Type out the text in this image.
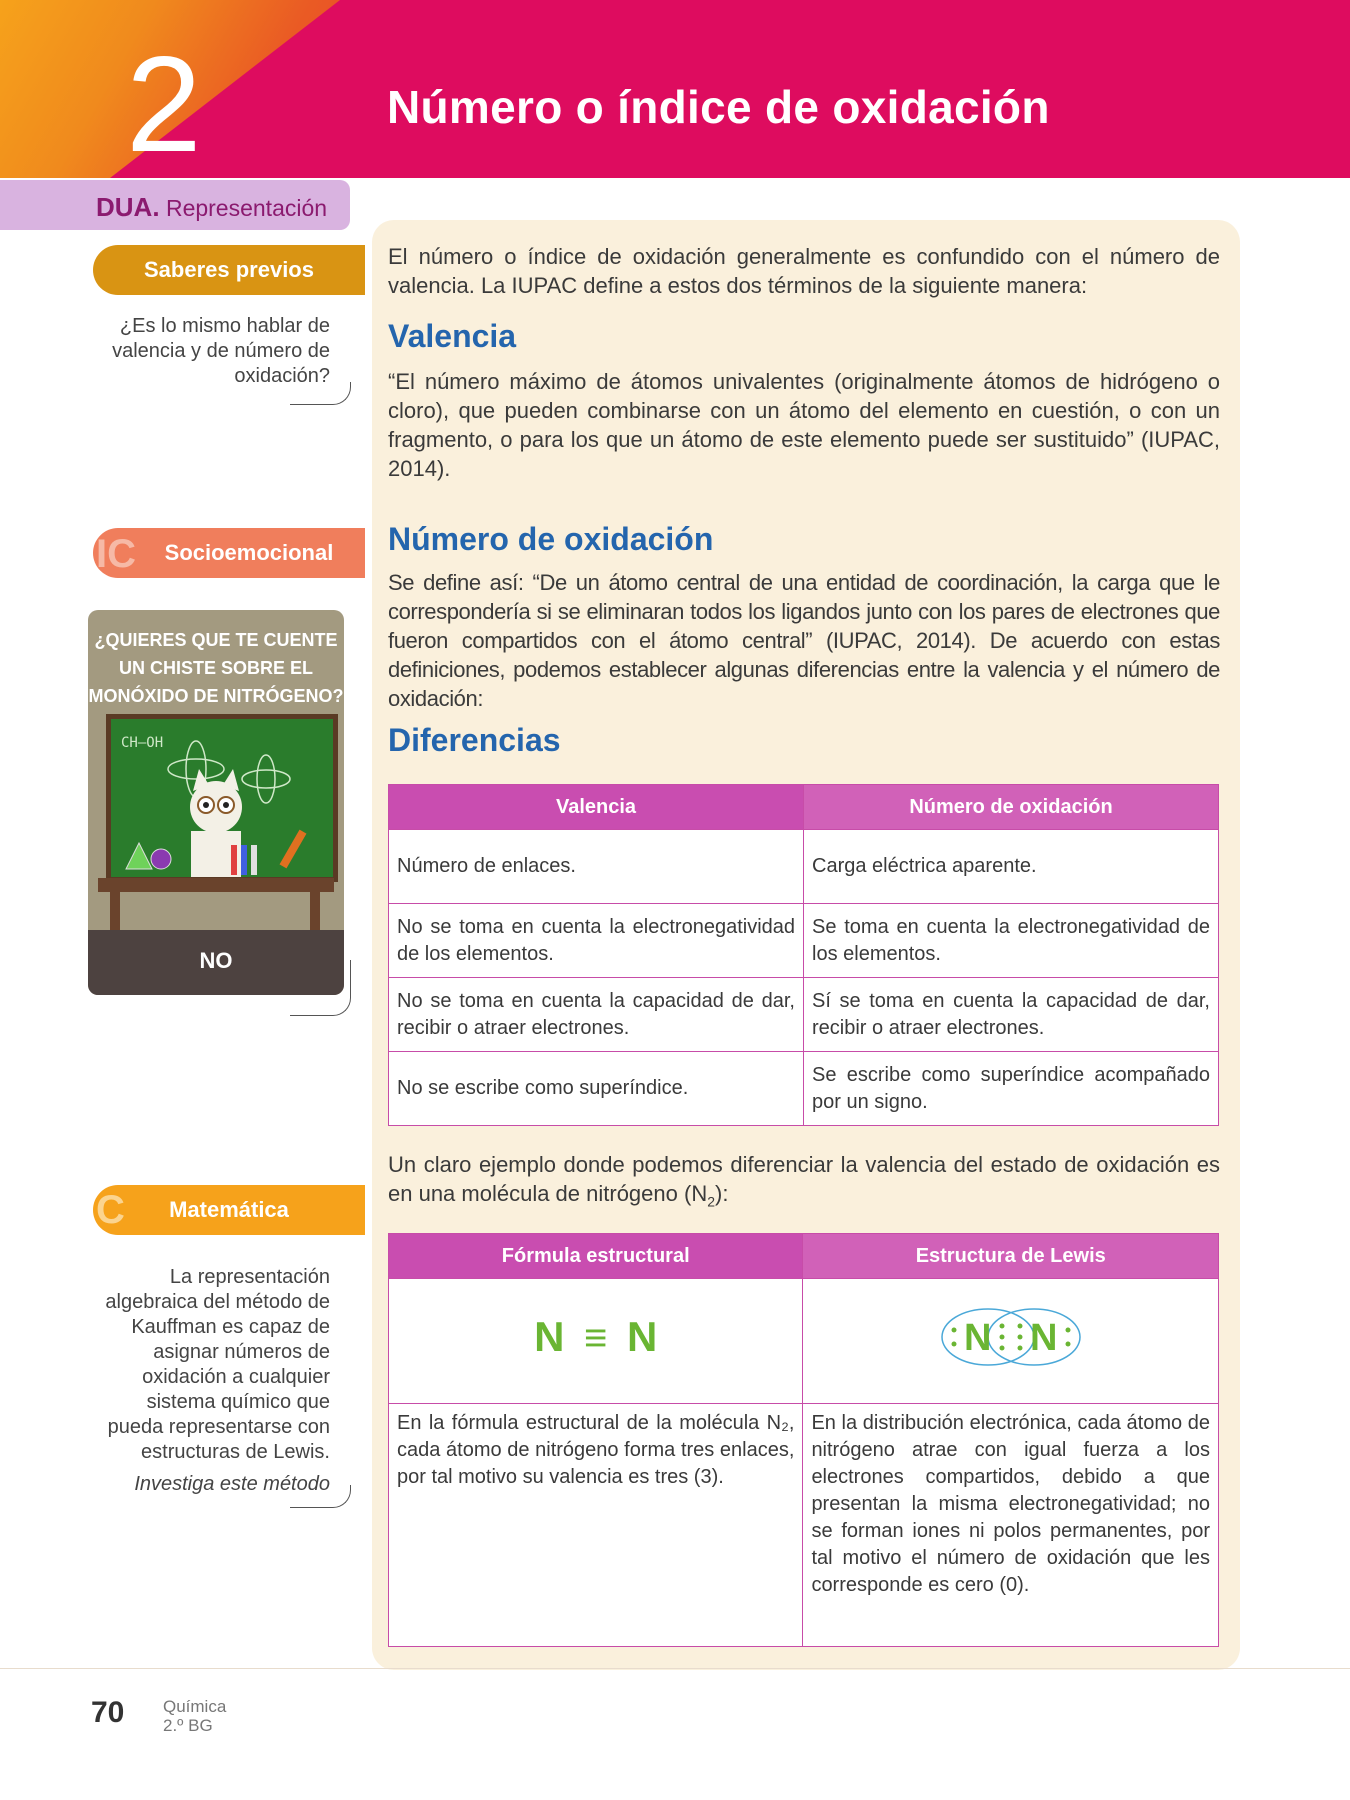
2	Número o índice de oxidación
DUA. Representación
Saberes previos
¿Es lo mismo hablar de valencia y de número de oxidación?
Socioemocional
IC
¿QUIERES QUE TE CUENTE UN CHISTE SOBRE EL MONÓXIDO DE NITRÓGENO?
CH—OH
NO
Matemática
C
La representación algebraica del método de Kauffman es capaz de asignar números de oxidación a cualquier sistema químico que pueda representarse con estructuras de Lewis.
Investiga este método
El número o índice de oxidación generalmente es confundido con el número de valencia. La IUPAC define a estos dos términos de la siguiente manera:
Valencia
“El número máximo de átomos univalentes (originalmente átomos de hidrógeno o cloro), que pueden combinarse con un átomo del elemento en cuestión, o con un fragmento, o para los que un átomo de este elemento puede ser sustituido” (IUPAC, 2014).
Número de oxidación
Se define así: “De un átomo central de una entidad de coordinación, la carga que le correspondería si se eliminaran todos los ligandos junto con los pares de electrones que fueron compartidos con el átomo central” (IUPAC, 2014). De acuerdo con estas definiciones, podemos establecer algunas diferencias entre la valencia y el número de oxidación:
Diferencias
Valencia	Número de oxidación
Número de enlaces.	Carga eléctrica aparente.
No se toma en cuenta la electronegatividad de los elementos.	Se toma en cuenta la electronegatividad de los elementos.
No se toma en cuenta la capacidad de dar, recibir o atraer electrones.	Sí se toma en cuenta la capacidad de dar, recibir o atraer electrones.
No se escribe como superíndice.	Se escribe como superíndice acompañado por un signo.
Un claro ejemplo donde podemos diferenciar la valencia del estado de oxidación es en una molécula de nitrógeno $(N_2)$:
Fórmula estructural	Estructura de Lewis
N ≡ N	N N

En la fórmula estructural de la molécula N₂, cada átomo de nitrógeno forma tres enlaces, por tal motivo su valencia es tres (3).	En la distribución electrónica, cada átomo de nitrógeno atrae con igual fuerza a los electrones compartidos, debido a que presentan la misma electronegatividad; no se forman iones ni polos permanentes, por tal motivo el número de oxidación que les corresponde es cero (0).
70 Química
2.º BG
